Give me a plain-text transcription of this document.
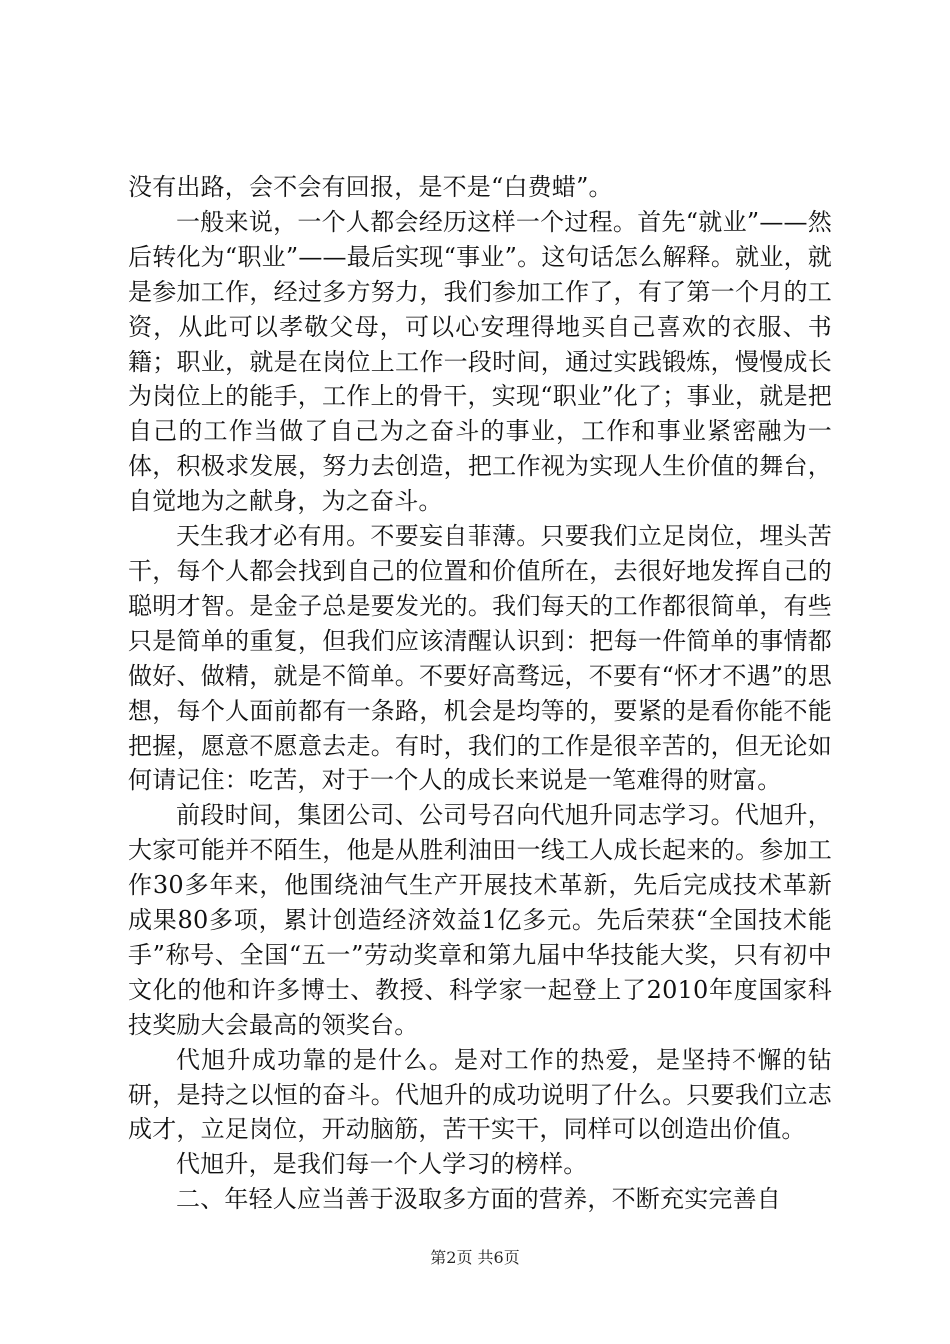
没有出路，会不会有回报，是不是“白费蜡”。

一般来说，一个人都会经历这样一个过程。首先“就业”——然后转化为“职业”——最后实现“事业”。这句话怎么解释。就业，就是参加工作，经过多方努力，我们参加工作了，有了第一个月的工资，从此可以孝敬父母，可以心安理得地买自己喜欢的衣服、书籍；职业，就是在岗位上工作一段时间，通过实践锻炼，慢慢成长为岗位上的能手，工作上的骨干，实现“职业”化了；事业，就是把自己的工作当做了自己为之奋斗的事业，工作和事业紧密融为一体，积极求发展，努力去创造，把工作视为实现人生价值的舞台，自觉地为之献身，为之奋斗。

天生我才必有用。不要妄自菲薄。只要我们立足岗位，埋头苦干，每个人都会找到自己的位置和价值所在，去很好地发挥自己的聪明才智。是金子总是要发光的。我们每天的工作都很简单，有些只是简单的重复，但我们应该清醒认识到：把每一件简单的事情都做好、做精，就是不简单。不要好高骛远，不要有“怀才不遇”的思想，每个人面前都有一条路，机会是均等的，要紧的是看你能不能把握，愿意不愿意去走。有时，我们的工作是很辛苦的，但无论如何请记住：吃苦，对于一个人的成长来说是一笔难得的财富。

前段时间，集团公司、公司号召向代旭升同志学习。代旭升，大家可能并不陌生，他是从胜利油田一线工人成长起来的。参加工作30多年来，他围绕油气生产开展技术革新，先后完成技术革新成果80多项，累计创造经济效益1亿多元。先后荣获“全国技术能手”称号、全国“五一”劳动奖章和第九届中华技能大奖，只有初中文化的他和许多博士、教授、科学家一起登上了2010年度国家科技奖励大会最高的领奖台。

代旭升成功靠的是什么。是对工作的热爱，是坚持不懈的钻研，是持之以恒的奋斗。代旭升的成功说明了什么。只要我们立志成才，立足岗位，开动脑筋，苦干实干，同样可以创造出价值。

代旭升，是我们每一个人学习的榜样。

二、年轻人应当善于汲取多方面的营养，不断充实完善自

第2页 共6页
